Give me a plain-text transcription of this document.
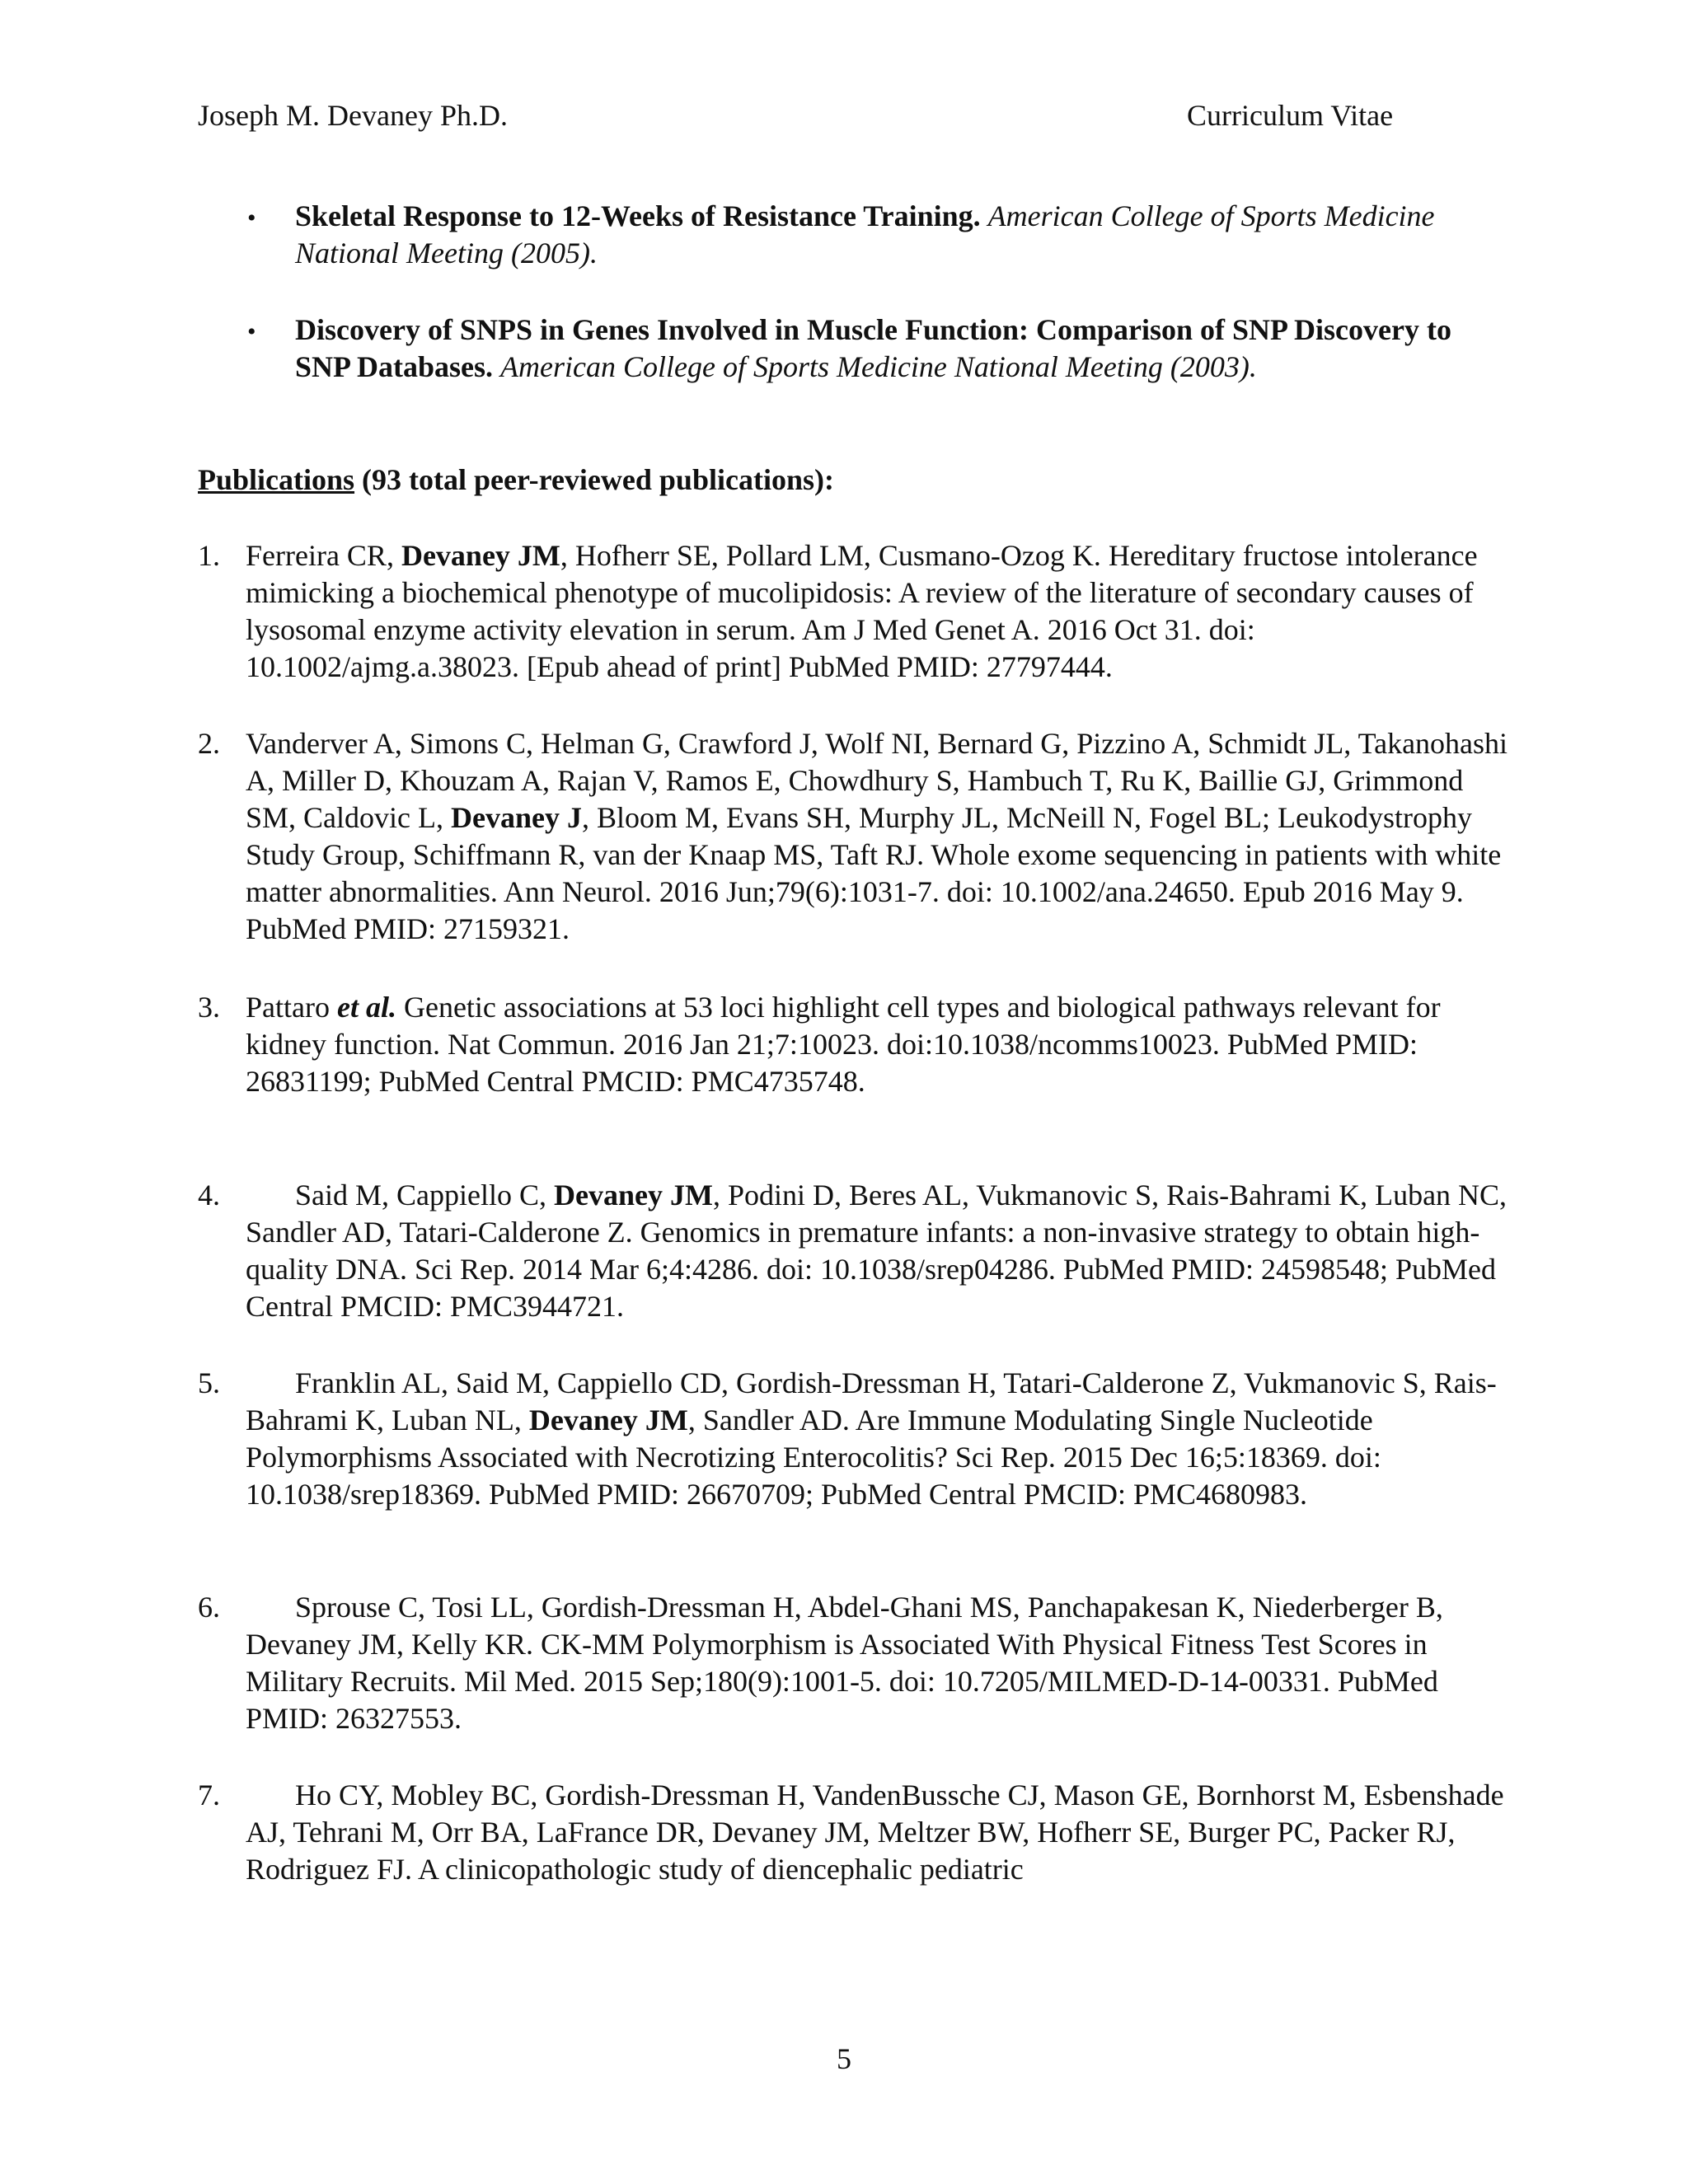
Joseph M. Devaney Ph.D.	Curriculum Vitae
• Skeletal Response to 12-Weeks of Resistance Training. American College of Sports Medicine National Meeting (2005).
• Discovery of SNPS in Genes Involved in Muscle Function: Comparison of SNP Discovery to SNP Databases. American College of Sports Medicine National Meeting (2003).
Publications (93 total peer-reviewed publications):
1. Ferreira CR, Devaney JM, Hofherr SE, Pollard LM, Cusmano-Ozog K. Hereditary fructose intolerance mimicking a biochemical phenotype of mucolipidosis: A review of the literature of secondary causes of lysosomal enzyme activity elevation in serum. Am J Med Genet A. 2016 Oct 31. doi: 10.1002/ajmg.a.38023. [Epub ahead of print] PubMed PMID: 27797444.
2. Vanderver A, Simons C, Helman G, Crawford J, Wolf NI, Bernard G, Pizzino A, Schmidt JL, Takanohashi A, Miller D, Khouzam A, Rajan V, Ramos E, Chowdhury S, Hambuch T, Ru K, Baillie GJ, Grimmond SM, Caldovic L, Devaney J, Bloom M, Evans SH, Murphy JL, McNeill N, Fogel BL; Leukodystrophy Study Group, Schiffmann R, van der Knaap MS, Taft RJ. Whole exome sequencing in patients with white matter abnormalities. Ann Neurol. 2016 Jun;79(6):1031-7. doi: 10.1002/ana.24650. Epub 2016 May 9. PubMed PMID: 27159321.
3. Pattaro et al. Genetic associations at 53 loci highlight cell types and biological pathways relevant for kidney function. Nat Commun. 2016 Jan 21;7:10023. doi:10.1038/ncomms10023. PubMed PMID: 26831199; PubMed Central PMCID: PMC4735748.
4.	Said M, Cappiello C, Devaney JM, Podini D, Beres AL, Vukmanovic S, Rais-Bahrami K, Luban NC, Sandler AD, Tatari-Calderone Z. Genomics in premature infants: a non-invasive strategy to obtain high-quality DNA. Sci Rep. 2014 Mar 6;4:4286. doi: 10.1038/srep04286. PubMed PMID: 24598548; PubMed Central PMCID: PMC3944721.
5.	Franklin AL, Said M, Cappiello CD, Gordish-Dressman H, Tatari-Calderone Z, Vukmanovic S, Rais-Bahrami K, Luban NL, Devaney JM, Sandler AD. Are Immune Modulating Single Nucleotide Polymorphisms Associated with Necrotizing Enterocolitis? Sci Rep. 2015 Dec 16;5:18369. doi: 10.1038/srep18369. PubMed PMID: 26670709; PubMed Central PMCID: PMC4680983.
6.	Sprouse C, Tosi LL, Gordish-Dressman H, Abdel-Ghani MS, Panchapakesan K, Niederberger B, Devaney JM, Kelly KR. CK-MM Polymorphism is Associated With Physical Fitness Test Scores in Military Recruits. Mil Med. 2015 Sep;180(9):1001-5. doi: 10.7205/MILMED-D-14-00331. PubMed PMID: 26327553.
7.	Ho CY, Mobley BC, Gordish-Dressman H, VandenBussche CJ, Mason GE, Bornhorst M, Esbenshade AJ, Tehrani M, Orr BA, LaFrance DR, Devaney JM, Meltzer BW, Hofherr SE, Burger PC, Packer RJ, Rodriguez FJ. A clinicopathologic study of diencephalic pediatric
5
